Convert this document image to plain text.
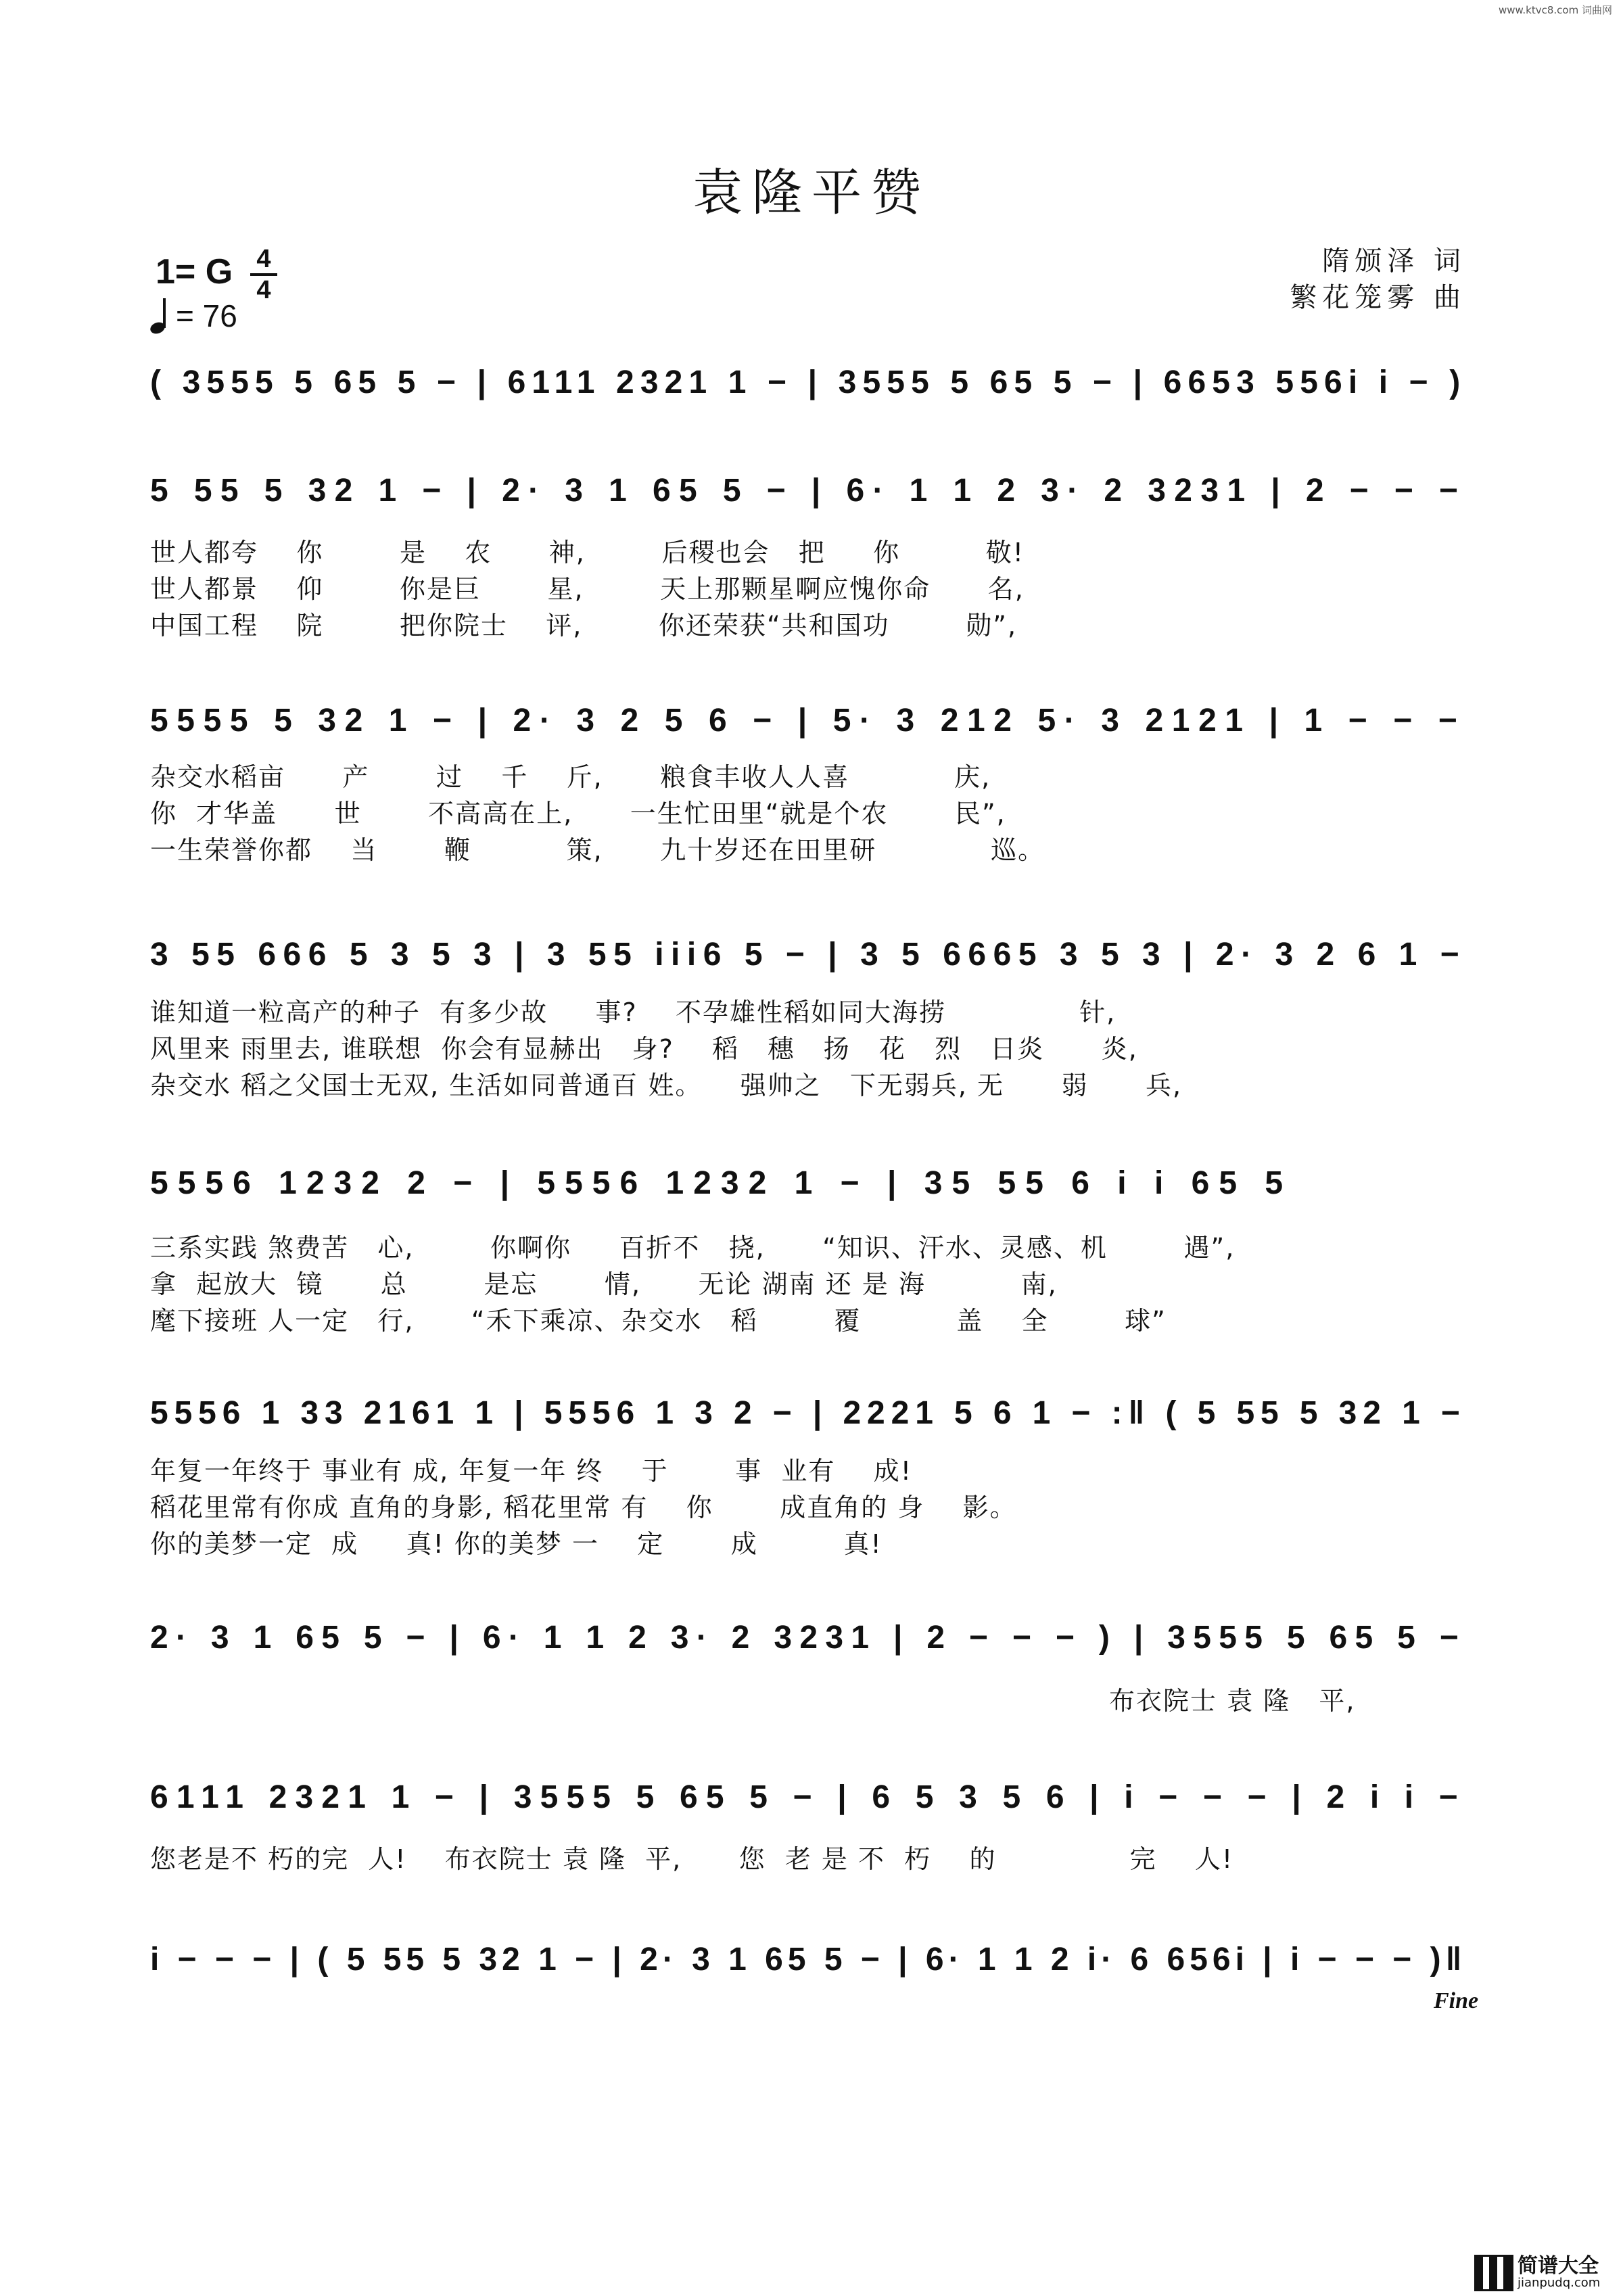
www.ktvc8.com 词曲网
袁隆平赞
1= G 4
4
= 76
隋颁泽 词
繁花笼雾 曲
( 3555 5 65 5 − | 6111 2321 1 − | 3555 5 65 5 − | 6653 556i i − )
5 55 5 32 1 − | 2· 3 1 65 5 − | 6· 1 1 2 3· 2 3231 | 2 − − −
世人都夸    你        是    农      神,        后稷也会   把     你         敬!
世人都景    仰        你是巨       星,        天上那颗星啊应愧你命      名,
中国工程    院        把你院士    评,        你还荣获“共和国功        勋”,
5555 5 32 1 − | 2· 3 2 5 6 − | 5· 3 212 5· 3 2121 | 1 − − −
杂交水稻亩      产       过    千    斤,      粮食丰收人人喜           庆,
你  才华盖      世       不高高在上,      一生忙田里“就是个农       民”,
一生荣誉你都    当       鞭          策,      九十岁还在田里研            巡。
3 55 666 5 3 5 3 | 3 55 iii6 5 − | 3 5 6665 3 5 3 | 2· 3 2 6 1 −
谁知道一粒高产的种子  有多少故     事?    不孕雄性稻如同大海捞              针,
风里来 雨里去, 谁联想  你会有显赫出   身?    稻   穗   扬   花   烈   日炎      炎,
杂交水 稻之父国士无双, 生活如同普通百 姓。    强帅之   下无弱兵, 无      弱      兵,
5556 1232 2 − | 5556 1232 1 − | 35 55 6 i i 65 5
三系实践 煞费苦   心,        你啊你     百折不   挠,      “知识、汗水、灵感、机        遇”,
拿  起放大  镜      总        是忘       情,      无论 湖南 还 是 海          南,
麾下接班 人一定   行,      “禾下乘凉、杂交水   稻        覆          盖    全        球”
5556 1 33 2161 1 | 5556 1 3 2 − | 2221 5 6 1 − :‖ ( 5 55 5 32 1 −
年复一年终于 事业有 成, 年复一年 终    于       事  业有    成!
稻花里常有你成 直角的身影, 稻花里常 有    你       成直角的 身    影。
你的美梦一定  成     真! 你的美梦 一    定       成         真!
2· 3 1 65 5 − | 6· 1 1 2 3· 2 3231 | 2 − − − ) | 3555 5 65 5 −
布衣院士 袁 隆   平,
6111 2321 1 − | 3555 5 65 5 − | 6 5 3 5 6 | i − − − | 2 i i −
您老是不 朽的完  人!    布衣院士 袁 隆  平,      您  老 是 不  朽    的              完    人!
i − − − | ( 5 55 5 32 1 − | 2· 3 1 65 5 − | 6· 1 1 2 i· 6 656i | i − − − )‖
Fine
简谱大全
jianpudq.com
